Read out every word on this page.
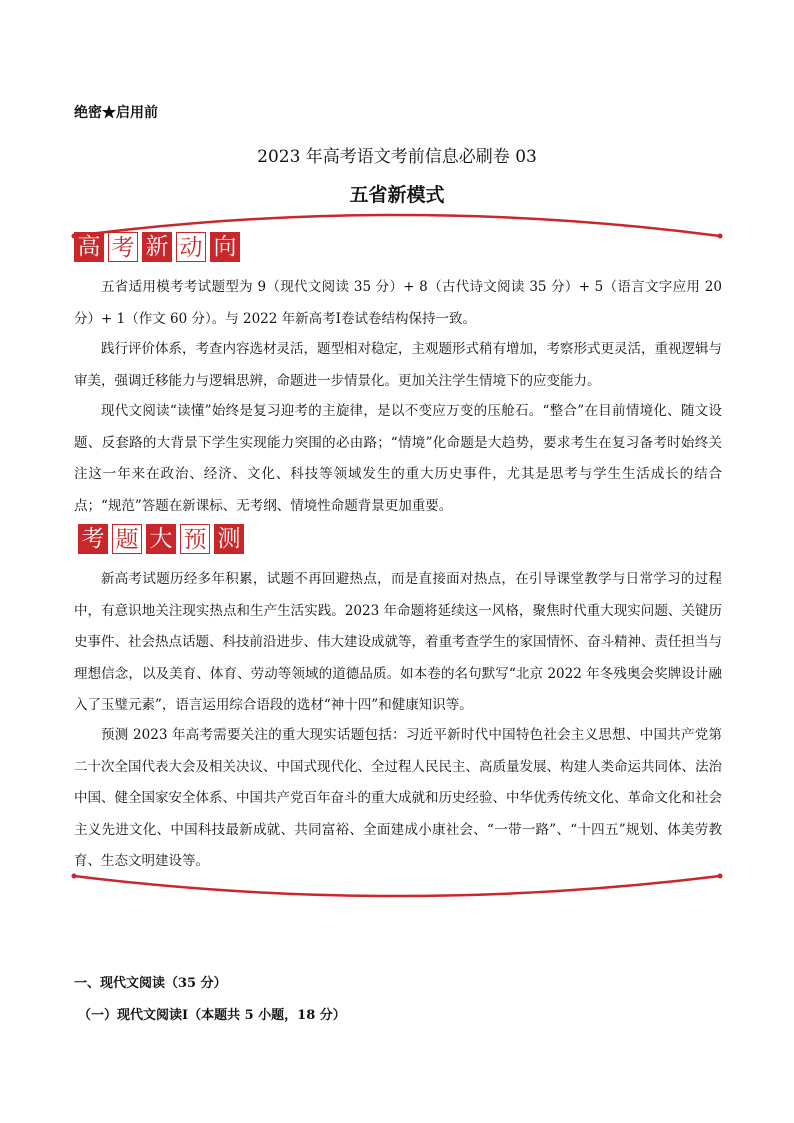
绝密★启用前
2023 年高考语文考前信息必刷卷 03
五省新模式
高 考 新 动 向
五省适用模考考试题型为 9（现代文阅读 35 分）+ 8（古代诗文阅读 35 分）+ 5（语言文字应用 20 分）+ 1（作文 60 分）。与 2022 年新高考Ⅰ卷试卷结构保持一致。
践行评价体系，考查内容选材灵活，题型相对稳定，主观题形式稍有增加，考察形式更灵活，重视逻辑与审美，强调迁移能力与逻辑思辨，命题进一步情景化。更加关注学生情境下的应变能力。
现代文阅读“读懂”始终是复习迎考的主旋律，是以不变应万变的压舱石。“整合”在目前情境化、随文设题、反套路的大背景下学生实现能力突围的必由路；“情境”化命题是大趋势，要求考生在复习备考时始终关注这一年来在政治、经济、文化、科技等领域发生的重大历史事件，尤其是思考与学生生活成长的结合点；“规范”答题在新课标、无考纲、情境性命题背景更加重要。
考 题 大 预 测
新高考试题历经多年积累，试题不再回避热点，而是直接面对热点，在引导课堂教学与日常学习的过程中，有意识地关注现实热点和生产生活实践。2023 年命题将延续这一风格，聚焦时代重大现实问题、关键历史事件、社会热点话题、科技前沿进步、伟大建设成就等，着重考查学生的家国情怀、奋斗精神、责任担当与理想信念，以及美育、体育、劳动等领域的道德品质。如本卷的名句默写“北京 2022 年冬残奥会奖牌设计融入了玉璧元素”，语言运用综合语段的选材“神十四”和健康知识等。
预测 2023 年高考需要关注的重大现实话题包括：习近平新时代中国特色社会主义思想、中国共产党第二十次全国代表大会及相关决议、中国式现代化、全过程人民民主、高质量发展、构建人类命运共同体、法治中国、健全国家安全体系、中国共产党百年奋斗的重大成就和历史经验、中华优秀传统文化、革命文化和社会主义先进文化、中国科技最新成就、共同富裕、全面建成小康社会、“一带一路”、“十四五”规划、体美劳教育、生态文明建设等。
一、现代文阅读（35 分）
（一）现代文阅读Ⅰ（本题共 5 小题，18 分）
